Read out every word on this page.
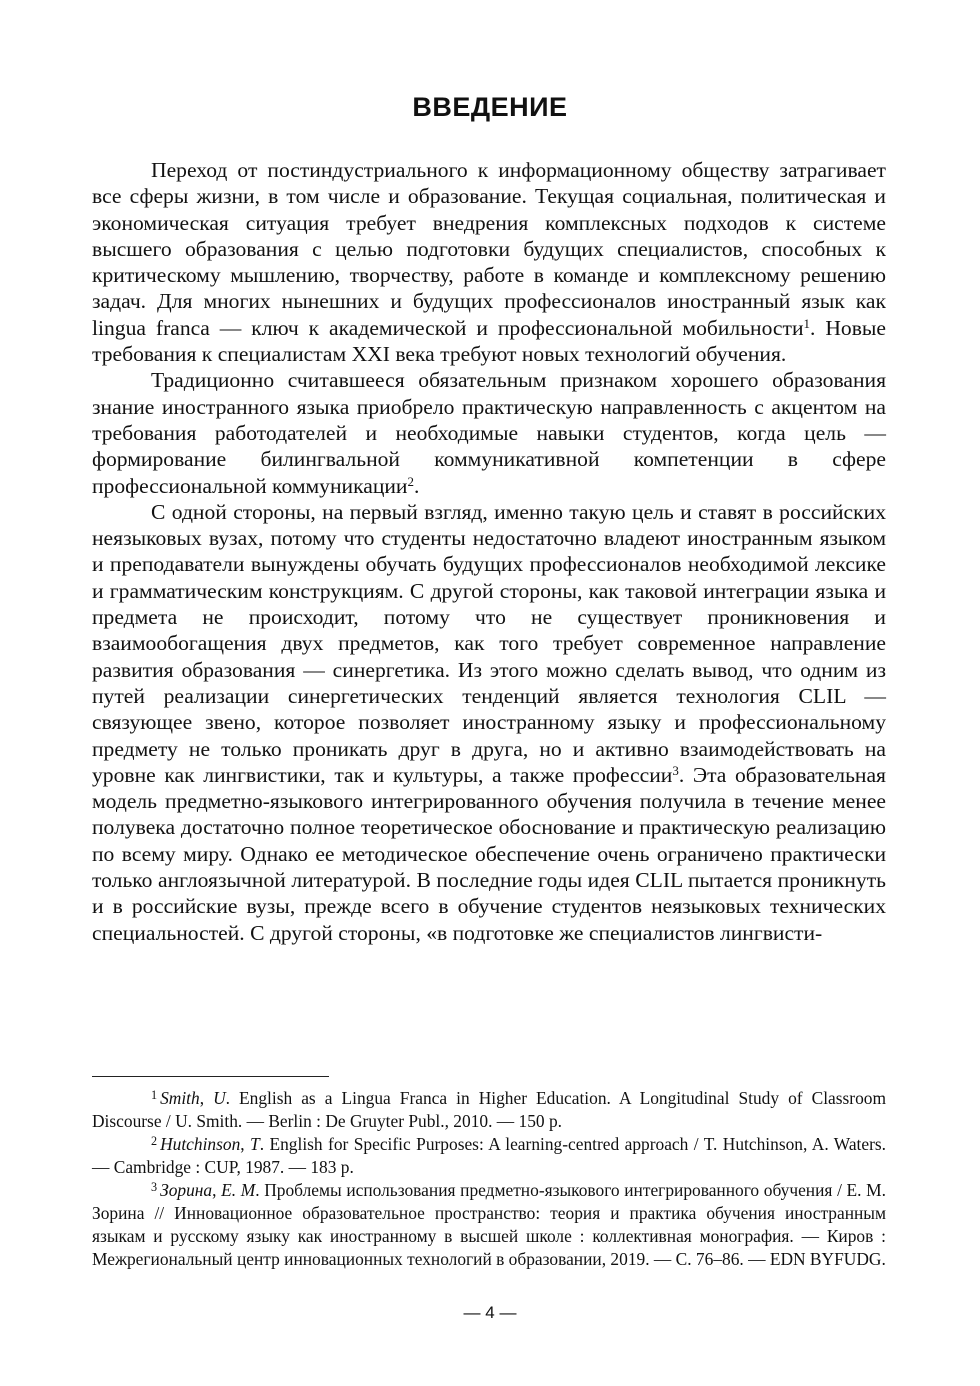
ВВЕДЕНИЕ

Переход от постиндустриального к информационному обществу затрагивает все сферы жизни, в том числе и образование. Текущая социальная, политическая и экономическая ситуация требует внедрения комплексных подходов к системе высшего образования с целью подготовки будущих специалистов, способных к критическому мышлению, творчеству, работе в команде и комплексному решению задач. Для многих нынешних и будущих профессионалов иностранный язык как lingua franca — ключ к академической и профессиональной мобильности$^1$. Новые требования к специалистам XXI века требуют новых технологий обучения.

Традиционно считавшееся обязательным признаком хорошего образования знание иностранного языка приобрело практическую направленность с акцентом на требования работодателей и необходимые навыки студентов, когда цель — формирование билингвальной коммуникативной компетенции в сфере профессиональной коммуникации$^2$.

С одной стороны, на первый взгляд, именно такую цель и ставят в российских неязыковых вузах, потому что студенты недостаточно владеют иностранным языком и преподаватели вынуждены обучать будущих профессионалов необходимой лексике и грамматическим конструкциям. С другой стороны, как таковой интеграции языка и предмета не происходит, потому что не существует проникновения и взаимообогащения двух предметов, как того требует современное направление развития образования — синергетика. Из этого можно сделать вывод, что одним из путей реализации синергетических тенденций является технология CLIL — связующее звено, которое позволяет иностранному языку и профессиональному предмету не только проникать друг в друга, но и активно взаимодействовать на уровне как лингвистики, так и культуры, а также профессии$^3$. Эта образовательная модель предметно-языкового интегрированного обучения получила в течение менее полувека достаточно полное теоретическое обоснование и практическую реализацию по всему миру. Однако ее методическое обеспечение очень ограничено практически только англоязычной литературой. В последние годы идея CLIL пытается проникнуть и в российские вузы, прежде всего в обучение студентов неязыковых технических специальностей. С другой стороны, «в подготовке же специалистов лингвисти-

$^1$ Smith, U. English as a Lingua Franca in Higher Education. A Longitudinal Study of Classroom Discourse / U. Smith. — Berlin : De Gruyter Publ., 2010. — 150 p.

$^2$ Hutchinson, T. English for Specific Purposes: A learning-centred approach / T. Hutchinson, A. Waters. — Cambridge : CUP, 1987. — 183 p.

$^3$ Зорина, Е. М. Проблемы использования предметно-языкового интегрированного обучения / Е. М. Зорина // Инновационное образовательное пространство: теория и практика обучения иностранным языкам и русскому языку как иностранному в высшей школе : коллективная монография. — Киров : Межрегиональный центр инновационных технологий в образовании, 2019. — С. 76–86. — EDN BYFUDG.

— 4 —
